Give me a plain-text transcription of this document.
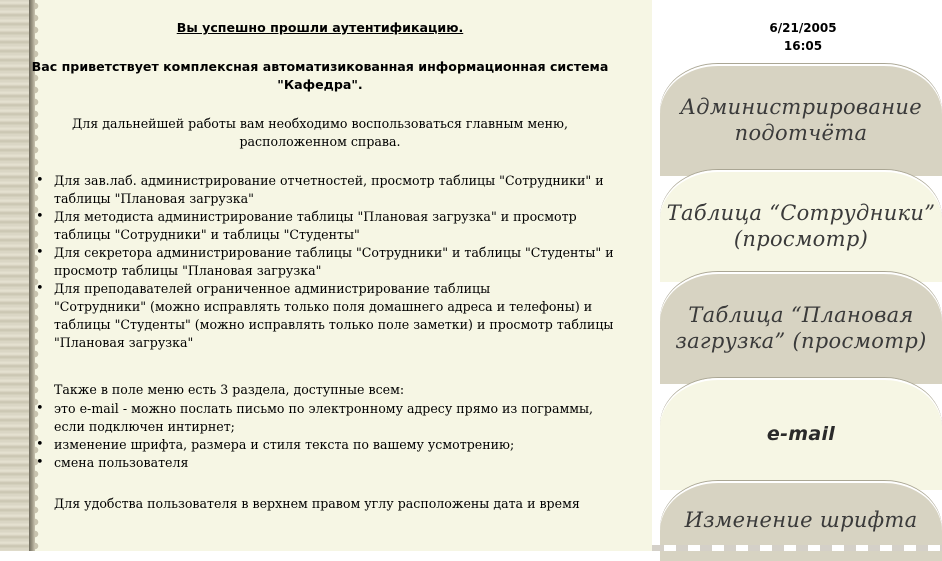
Вы успешно прошли аутентификацию.
Вас приветствует комплексная автоматизикованная информационная система
"Кафедра".
Для дальнейшей работы вам необходимо воспользоваться главным меню,
расположенном справа.
• Для зав.лаб. администрирование отчетностей, просмотр таблицы "Сотрудники" и
таблицы "Плановая загрузка"
• Для методиста администрирование таблицы "Плановая загрузка" и просмотр
таблицы "Сотрудники" и таблицы "Студенты"
• Для секретора администрирование таблицы "Сотрудники" и таблицы "Студенты" и
просмотр таблицы "Плановая загрузка"
• Для преподавателей ограниченное администрирование таблицы
"Сотрудники" (можно исправлять только поля домашнего адреса и телефоны) и
таблицы "Студенты" (можно исправлять только поле заметки) и просмотр таблицы
"Плановая загрузка"
Также в поле меню есть 3 раздела, доступные всем:
• это e-mail - можно послать письмо по электронному адресу прямо из пограммы,
если подключен интирнет;
• изменение шрифта, размера и стиля текста по вашему усмотрению;
• смена пользователя
Для удобства пользователя в верхнем правом углу расположены дата и время
6/21/2005
16:05
Администрирование
подотчёта
Таблица “Сотрудники”
(просмотр)
Таблица “Плановая
загрузка” (просмотр)
e-mail
Изменение шрифта
